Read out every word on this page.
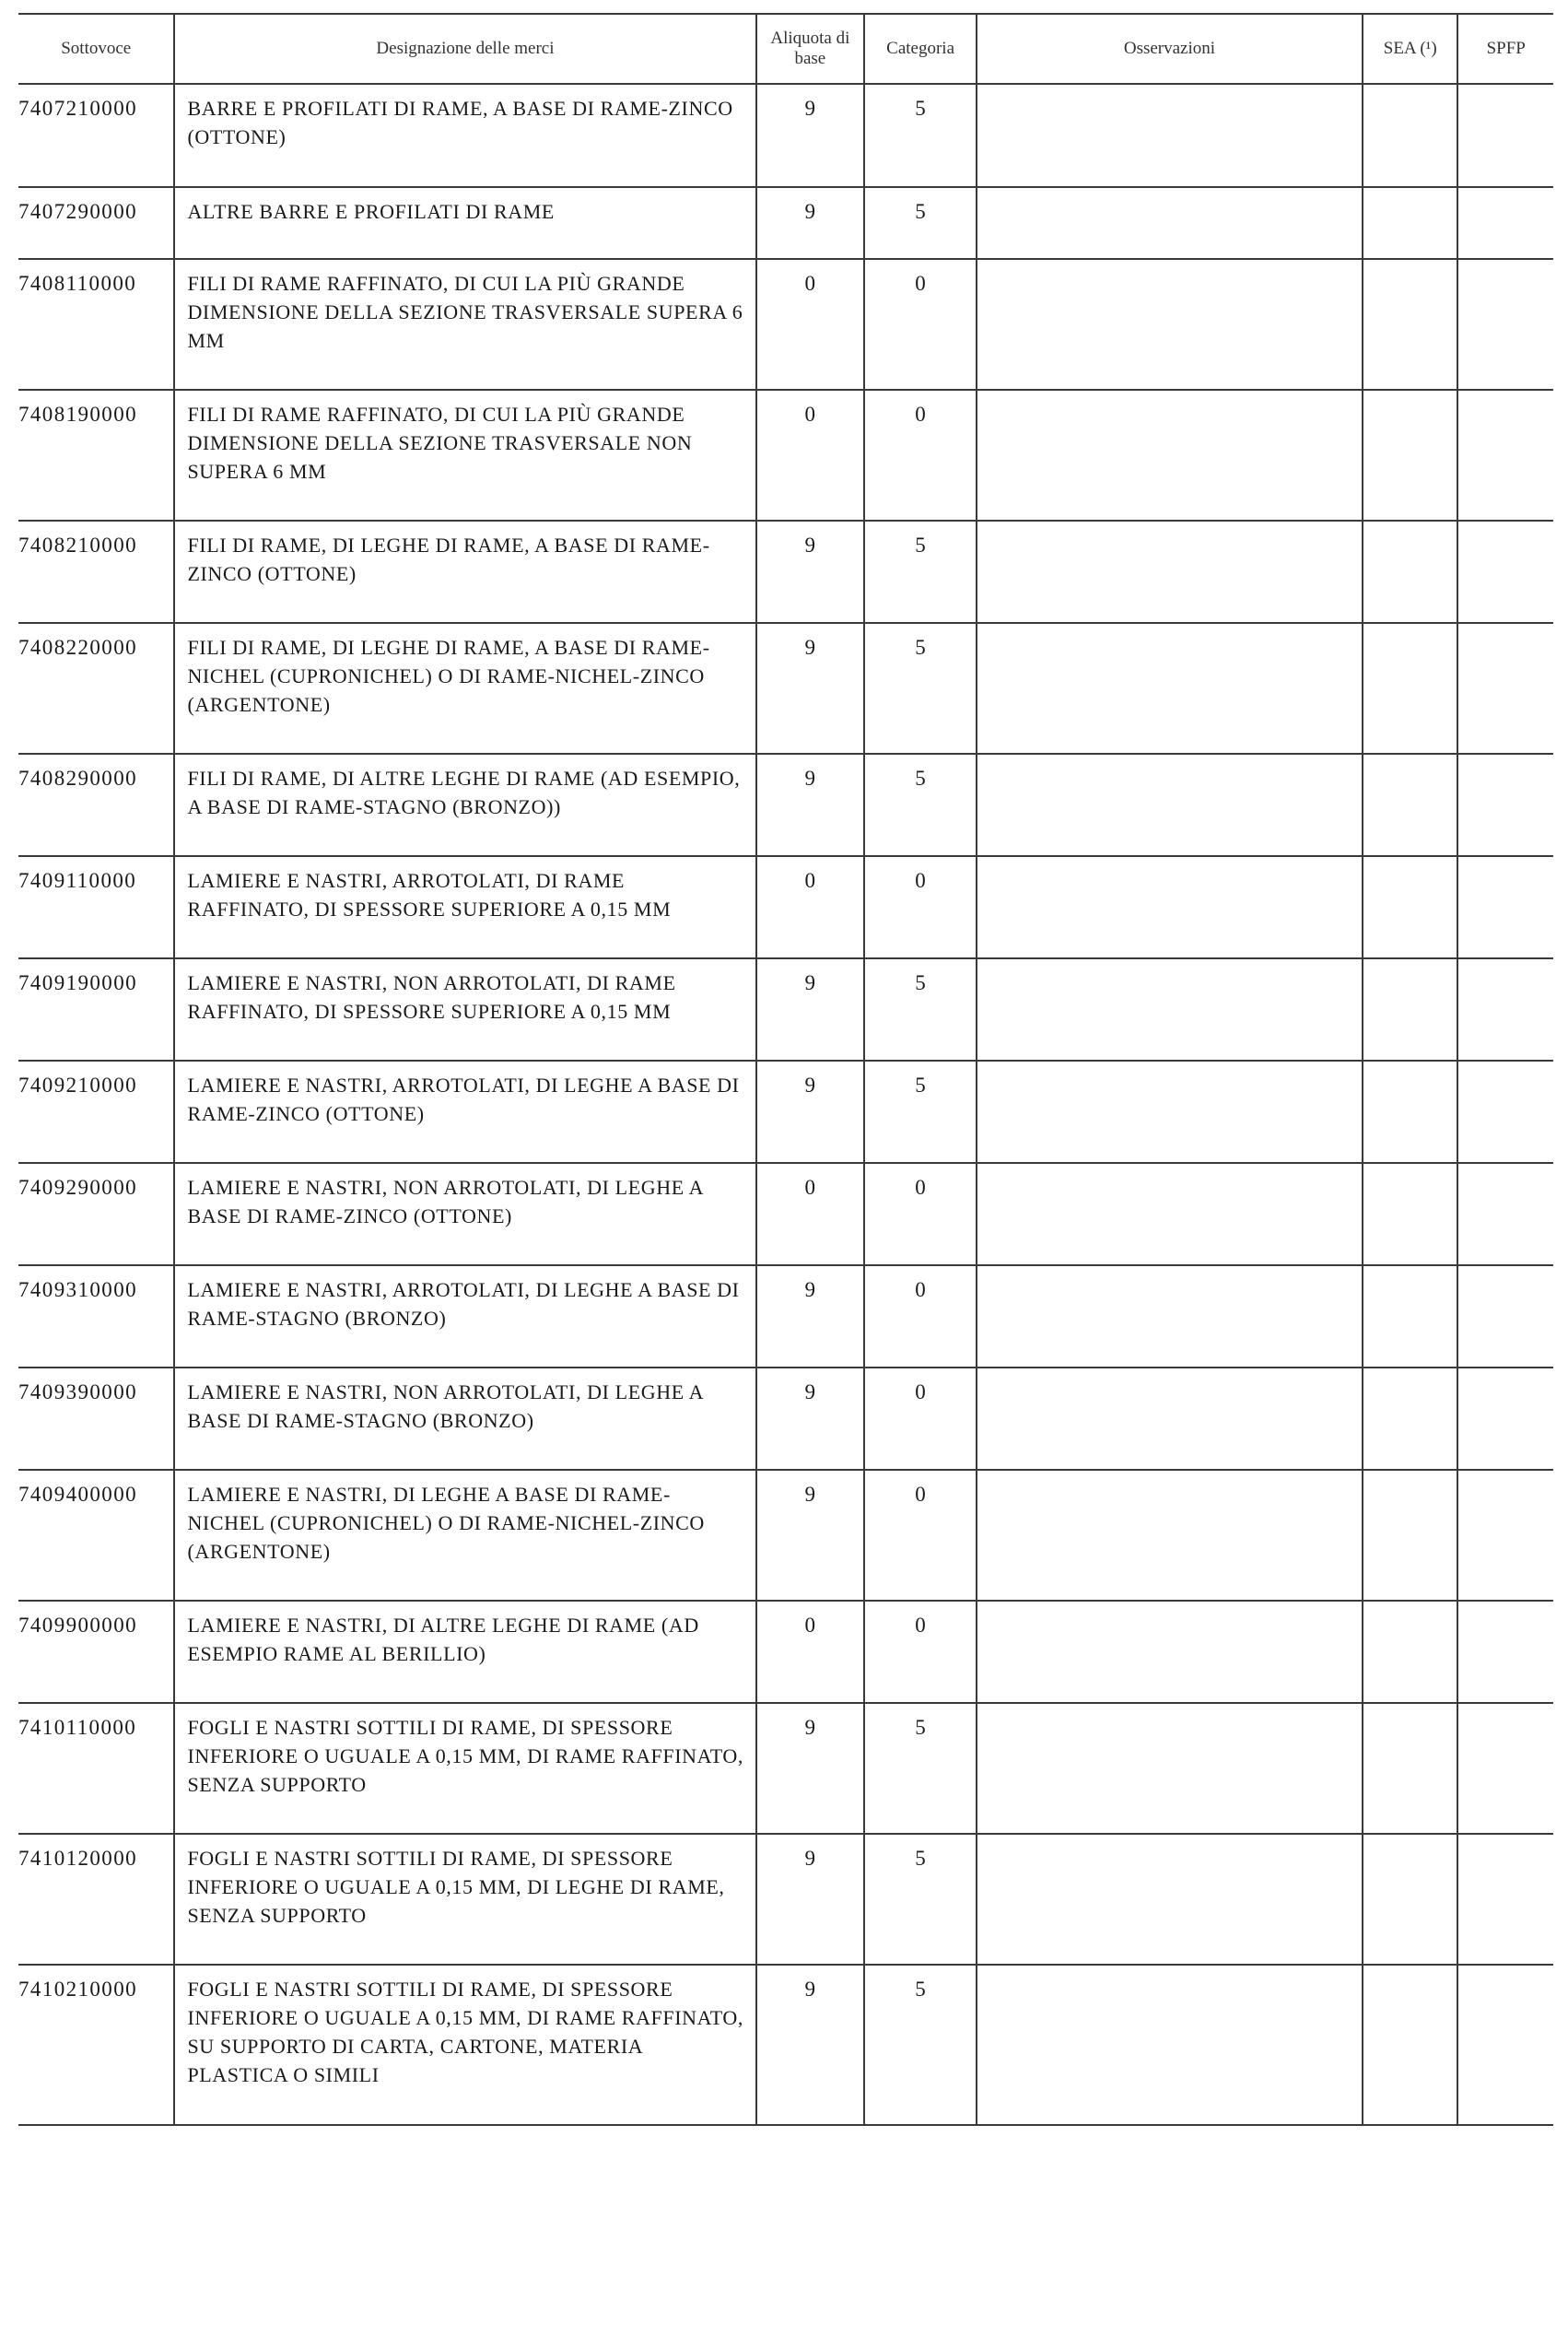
Sottovoce	Designazione delle merci	Aliquota di base	Categoria	Osservazioni	SEA (¹)	SPFP
7407210000	BARRE E PROFILATI DI RAME, A BASE DI RAME-ZINCO (OTTONE)	9	5			
7407290000	ALTRE BARRE E PROFILATI DI RAME	9	5			
7408110000	FILI DI RAME RAFFINATO, DI CUI LA PIÙ GRANDE DIMENSIONE DELLA SEZIONE TRASVERSALE SUPERA 6 MM	0	0			
7408190000	FILI DI RAME RAFFINATO, DI CUI LA PIÙ GRANDE DIMENSIONE DELLA SEZIONE TRASVERSALE NON SUPERA 6 MM	0	0			
7408210000	FILI DI RAME, DI LEGHE DI RAME, A BASE DI RAME-ZINCO (OTTONE)	9	5			
7408220000	FILI DI RAME, DI LEGHE DI RAME, A BASE DI RAME-NICHEL (CUPRONICHEL) O DI RAME-NICHEL-ZINCO (ARGENTONE)	9	5			
7408290000	FILI DI RAME, DI ALTRE LEGHE DI RAME (AD ESEMPIO, A BASE DI RAME-STAGNO (BRONZO))	9	5			
7409110000	LAMIERE E NASTRI, ARROTOLATI, DI RAME RAFFINATO, DI SPESSORE SUPERIORE A 0,15 MM	0	0			
7409190000	LAMIERE E NASTRI, NON ARROTOLATI, DI RAME RAFFINATO, DI SPESSORE SUPERIORE A 0,15 MM	9	5			
7409210000	LAMIERE E NASTRI, ARROTOLATI, DI LEGHE A BASE DI RAME-ZINCO (OTTONE)	9	5			
7409290000	LAMIERE E NASTRI, NON ARROTOLATI, DI LEGHE A BASE DI RAME-ZINCO (OTTONE)	0	0			
7409310000	LAMIERE E NASTRI, ARROTOLATI, DI LEGHE A BASE DI RAME-STAGNO (BRONZO)	9	0			
7409390000	LAMIERE E NASTRI, NON ARROTOLATI, DI LEGHE A BASE DI RAME-STAGNO (BRONZO)	9	0			
7409400000	LAMIERE E NASTRI, DI LEGHE A BASE DI RAME-NICHEL (CUPRONICHEL) O DI RAME-NICHEL-ZINCO (ARGENTONE)	9	0			
7409900000	LAMIERE E NASTRI, DI ALTRE LEGHE DI RAME (AD ESEMPIO RAME AL BERILLIO)	0	0			
7410110000	FOGLI E NASTRI SOTTILI DI RAME, DI SPESSORE INFERIORE O UGUALE A 0,15 MM, DI RAME RAFFINATO, SENZA SUPPORTO	9	5			
7410120000	FOGLI E NASTRI SOTTILI DI RAME, DI SPESSORE INFERIORE O UGUALE A 0,15 MM, DI LEGHE DI RAME, SENZA SUPPORTO	9	5			
7410210000	FOGLI E NASTRI SOTTILI DI RAME, DI SPESSORE INFERIORE O UGUALE A 0,15 MM, DI RAME RAFFINATO, SU SUPPORTO DI CARTA, CARTONE, MATERIA PLASTICA O SIMILI	9	5			
